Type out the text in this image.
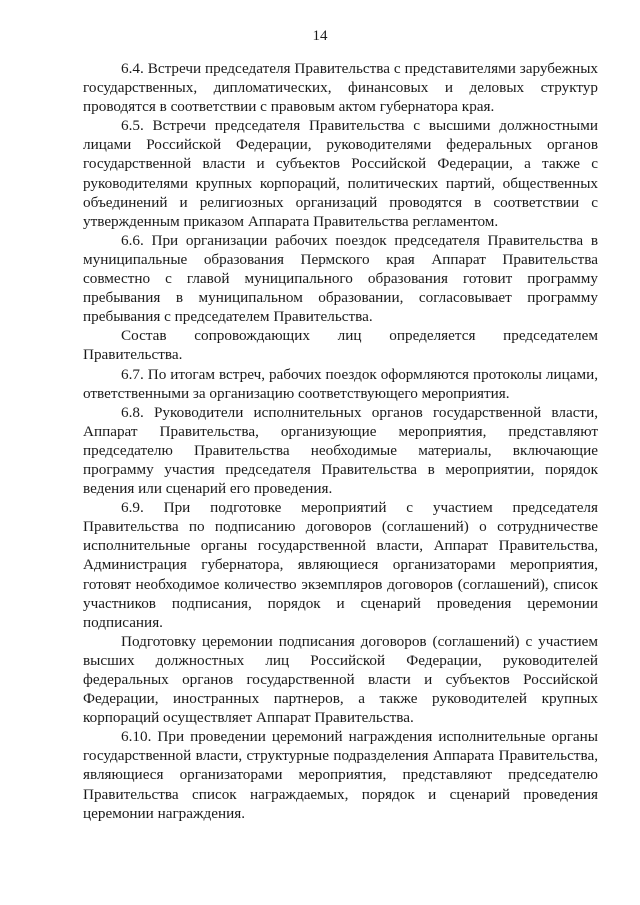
14

6.4. Встречи председателя Правительства с представителями зарубежных государственных, дипломатических, финансовых и деловых структур проводятся в соответствии с правовым актом губернатора края.

6.5. Встречи председателя Правительства с высшими должностными лицами Российской Федерации, руководителями федеральных органов государственной власти и субъектов Российской Федерации, а также с руководителями крупных корпораций, политических партий, общественных объединений и религиозных организаций проводятся в соответствии с утвержденным приказом Аппарата Правительства регламентом.

6.6. При организации рабочих поездок председателя Правительства в муниципальные образования Пермского края Аппарат Правительства совместно с главой муниципального образования готовит программу пребывания в муниципальном образовании, согласовывает программу пребывания с председателем Правительства.

Состав сопровождающих лиц определяется председателем Правительства.

6.7. По итогам встреч, рабочих поездок оформляются протоколы лицами, ответственными за организацию соответствующего мероприятия.

6.8. Руководители исполнительных органов государственной власти, Аппарат Правительства, организующие мероприятия, представляют председателю Правительства необходимые материалы, включающие программу участия председателя Правительства в мероприятии, порядок ведения или сценарий его проведения.

6.9. При подготовке мероприятий с участием председателя Правительства по подписанию договоров (соглашений) о сотрудничестве исполнительные органы государственной власти, Аппарат Правительства, Администрация губернатора, являющиеся организаторами мероприятия, готовят необходимое количество экземпляров договоров (соглашений), список участников подписания, порядок и сценарий проведения церемонии подписания.

Подготовку церемонии подписания договоров (соглашений) с участием высших должностных лиц Российской Федерации, руководителей федеральных органов государственной власти и субъектов Российской Федерации, иностранных партнеров, а также руководителей крупных корпораций осуществляет Аппарат Правительства.

6.10. При проведении церемоний награждения исполнительные органы государственной власти, структурные подразделения Аппарата Правительства, являющиеся организаторами мероприятия, представляют председателю Правительства список награждаемых, порядок и сценарий проведения церемонии награждения.
